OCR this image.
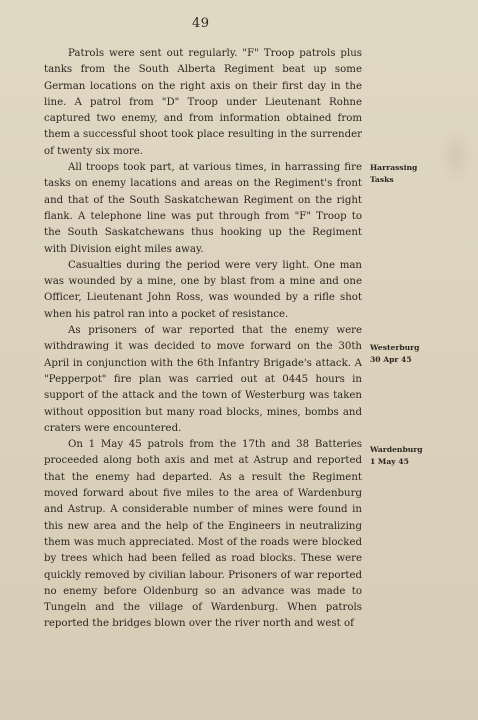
49

Patrols were sent out regularly. "F" Troop patrols plus tanks from the South Alberta Regiment beat up some German locations on the right axis on their first day in the line. A patrol from "D" Troop under Lieutenant Rohne captured two enemy, and from information obtained from them a successful shoot took place resulting in the surrender of twenty six more.

All troops took part, at various times, in harrassing fire tasks on enemy lacations and areas on the Regiment's front and that of the South Saskatchewan Regiment on the right flank. A telephone line was put through from "F" Troop to the South Saskatchewans thus hooking up the Regiment with Division eight miles away.

Casualties during the period were very light. One man was wounded by a mine, one by blast from a mine and one Officer, Lieutenant John Ross, was wounded by a rifle shot when his patrol ran into a pocket of resistance.

As prisoners of war reported that the enemy were withdrawing it was decided to move forward on the 30th April in conjunction with the 6th Infantry Brigade's attack. A "Pepperpot" fire plan was carried out at 0445 hours in support of the attack and the town of Westerburg was taken without opposition but many road blocks, mines, bombs and craters were encountered.

On 1 May 45 patrols from the 17th and 38 Batteries proceeded along both axis and met at Astrup and reported that the enemy had departed. As a result the Regiment moved forward about five miles to the area of Wardenburg and Astrup. A considerable number of mines were found in this new area and the help of the Engineers in neutralizing them was much appreciated. Most of the roads were blocked by trees which had been felled as road blocks. These were quickly removed by civilian labour. Prisoners of war reported no enemy before Oldenburg so an advance was made to Tungeln and the village of Wardenburg. When patrols reported the bridges blown over the river north and west of

Harrassing
Tasks
Westerburg
30 Apr 45
Wardenburg
1 May 45
